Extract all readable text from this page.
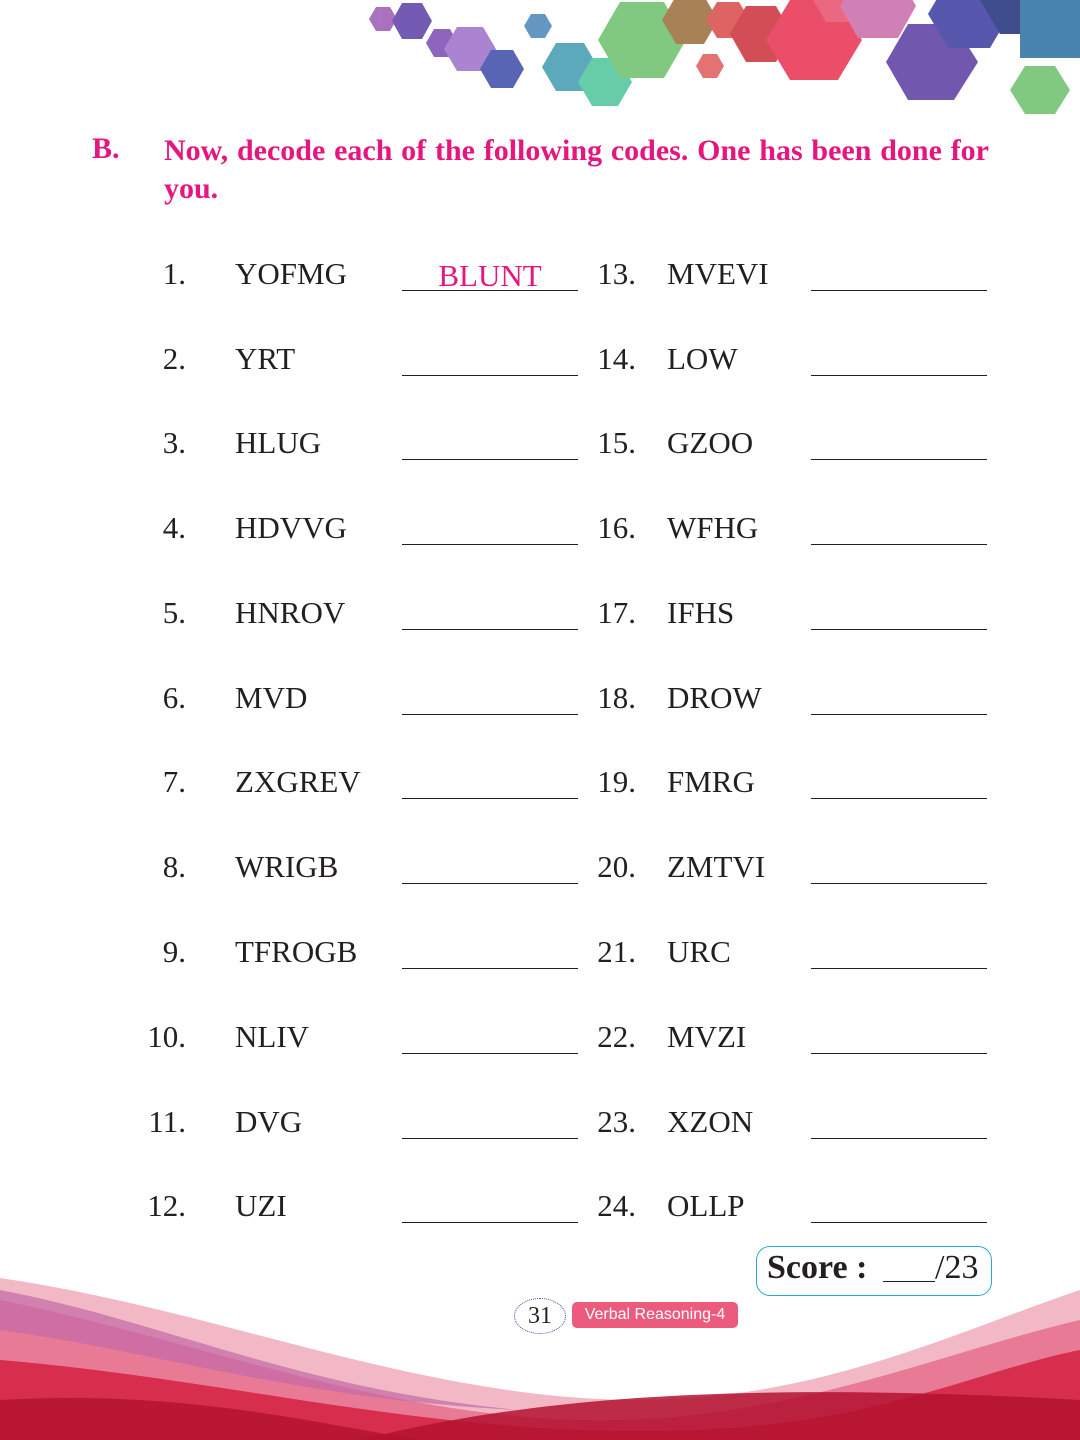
B. Now, decode each of the following codes. One has been done for you.
1. YOFMG	BLUNT
2. YRT
3. HLUG
4. HDVVG
5. HNROV
6. MVD
7. ZXGREV
8. WRIGB
9. TFROGB
10. NLIV
11. DVG
12. UZI
13. MVEVI
14. LOW
15. GZOO
16. WFHG
17. IFHS
18. DROW
19. FMRG
20. ZMTVI
21. URC
22. MVZI
23. XZON
24. OLLP
Score : /23
31	Verbal Reasoning-4
